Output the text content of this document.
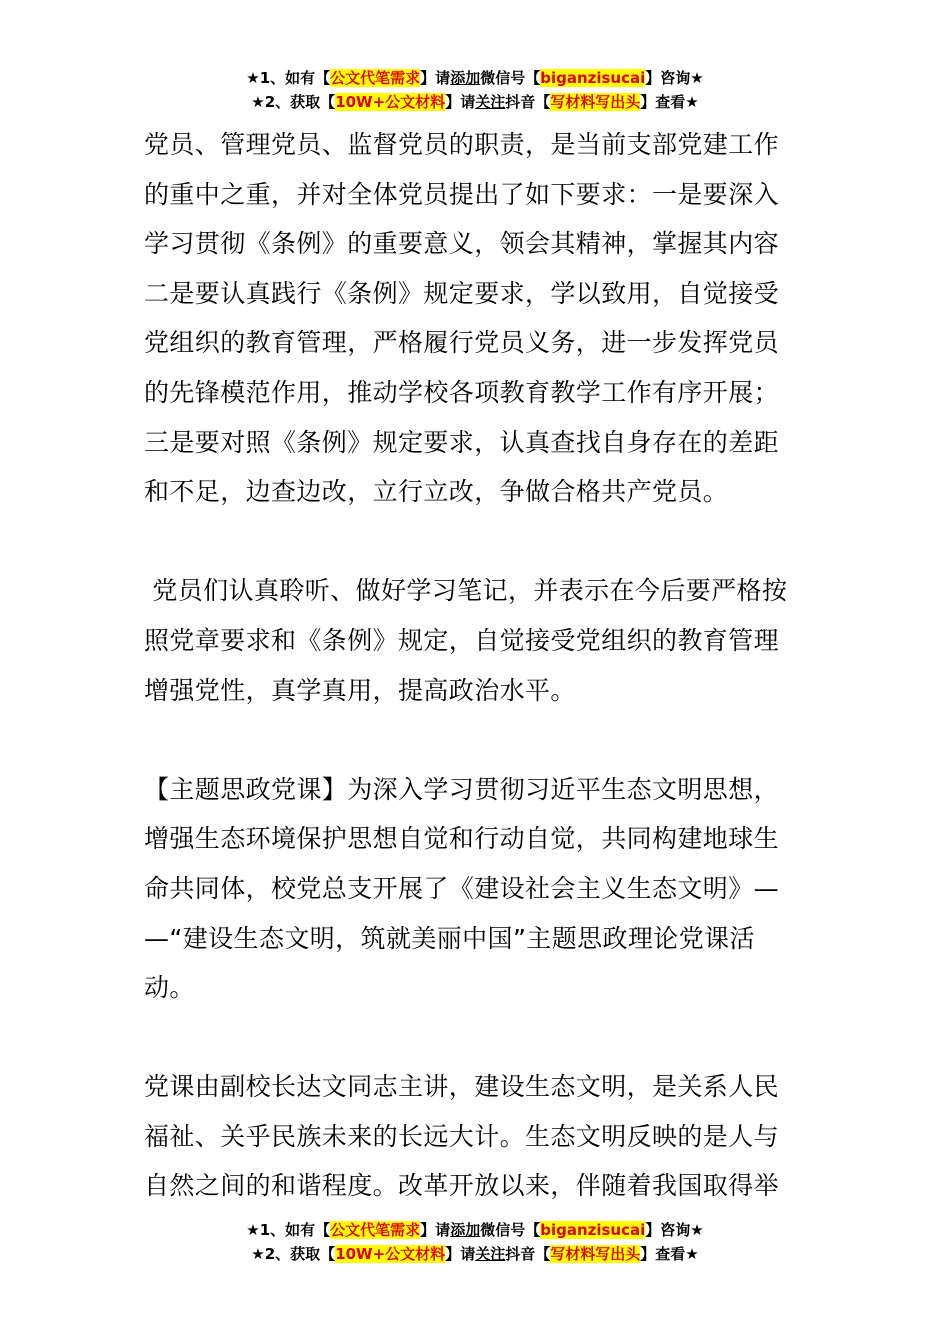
★1、如有【公文代笔需求】请添加微信号【biganzisucai】咨询★
★2、获取【10W+公文材料】请关注抖音【写材料写出头】查看★
党员、管理党员、监督党员的职责，是当前支部党建工作
的重中之重，并对全体党员提出了如下要求：一是要深入
学习贯彻《条例》的重要意义，领会其精神，掌握其内容
二是要认真践行《条例》规定要求，学以致用，自觉接受
党组织的教育管理，严格履行党员义务，进一步发挥党员
的先锋模范作用，推动学校各项教育教学工作有序开展；
三是要对照《条例》规定要求，认真查找自身存在的差距
和不足，边查边改，立行立改，争做合格共产党员。
党员们认真聆听、做好学习笔记，并表示在今后要严格按
照党章要求和《条例》规定，自觉接受党组织的教育管理
增强党性，真学真用，提高政治水平。
【主题思政党课】为深入学习贯彻习近平生态文明思想，
增强生态环境保护思想自觉和行动自觉，共同构建地球生
命共同体，校党总支开展了《建设社会主义生态文明》—
—“建设生态文明，筑就美丽中国”主题思政理论党课活
动。
党课由副校长达文同志主讲，建设生态文明，是关系人民
福祉、关乎民族未来的长远大计。生态文明反映的是人与
自然之间的和谐程度。改革开放以来，伴随着我国取得举
★1、如有【公文代笔需求】请添加微信号【biganzisucai】咨询★
★2、获取【10W+公文材料】请关注抖音【写材料写出头】查看★
